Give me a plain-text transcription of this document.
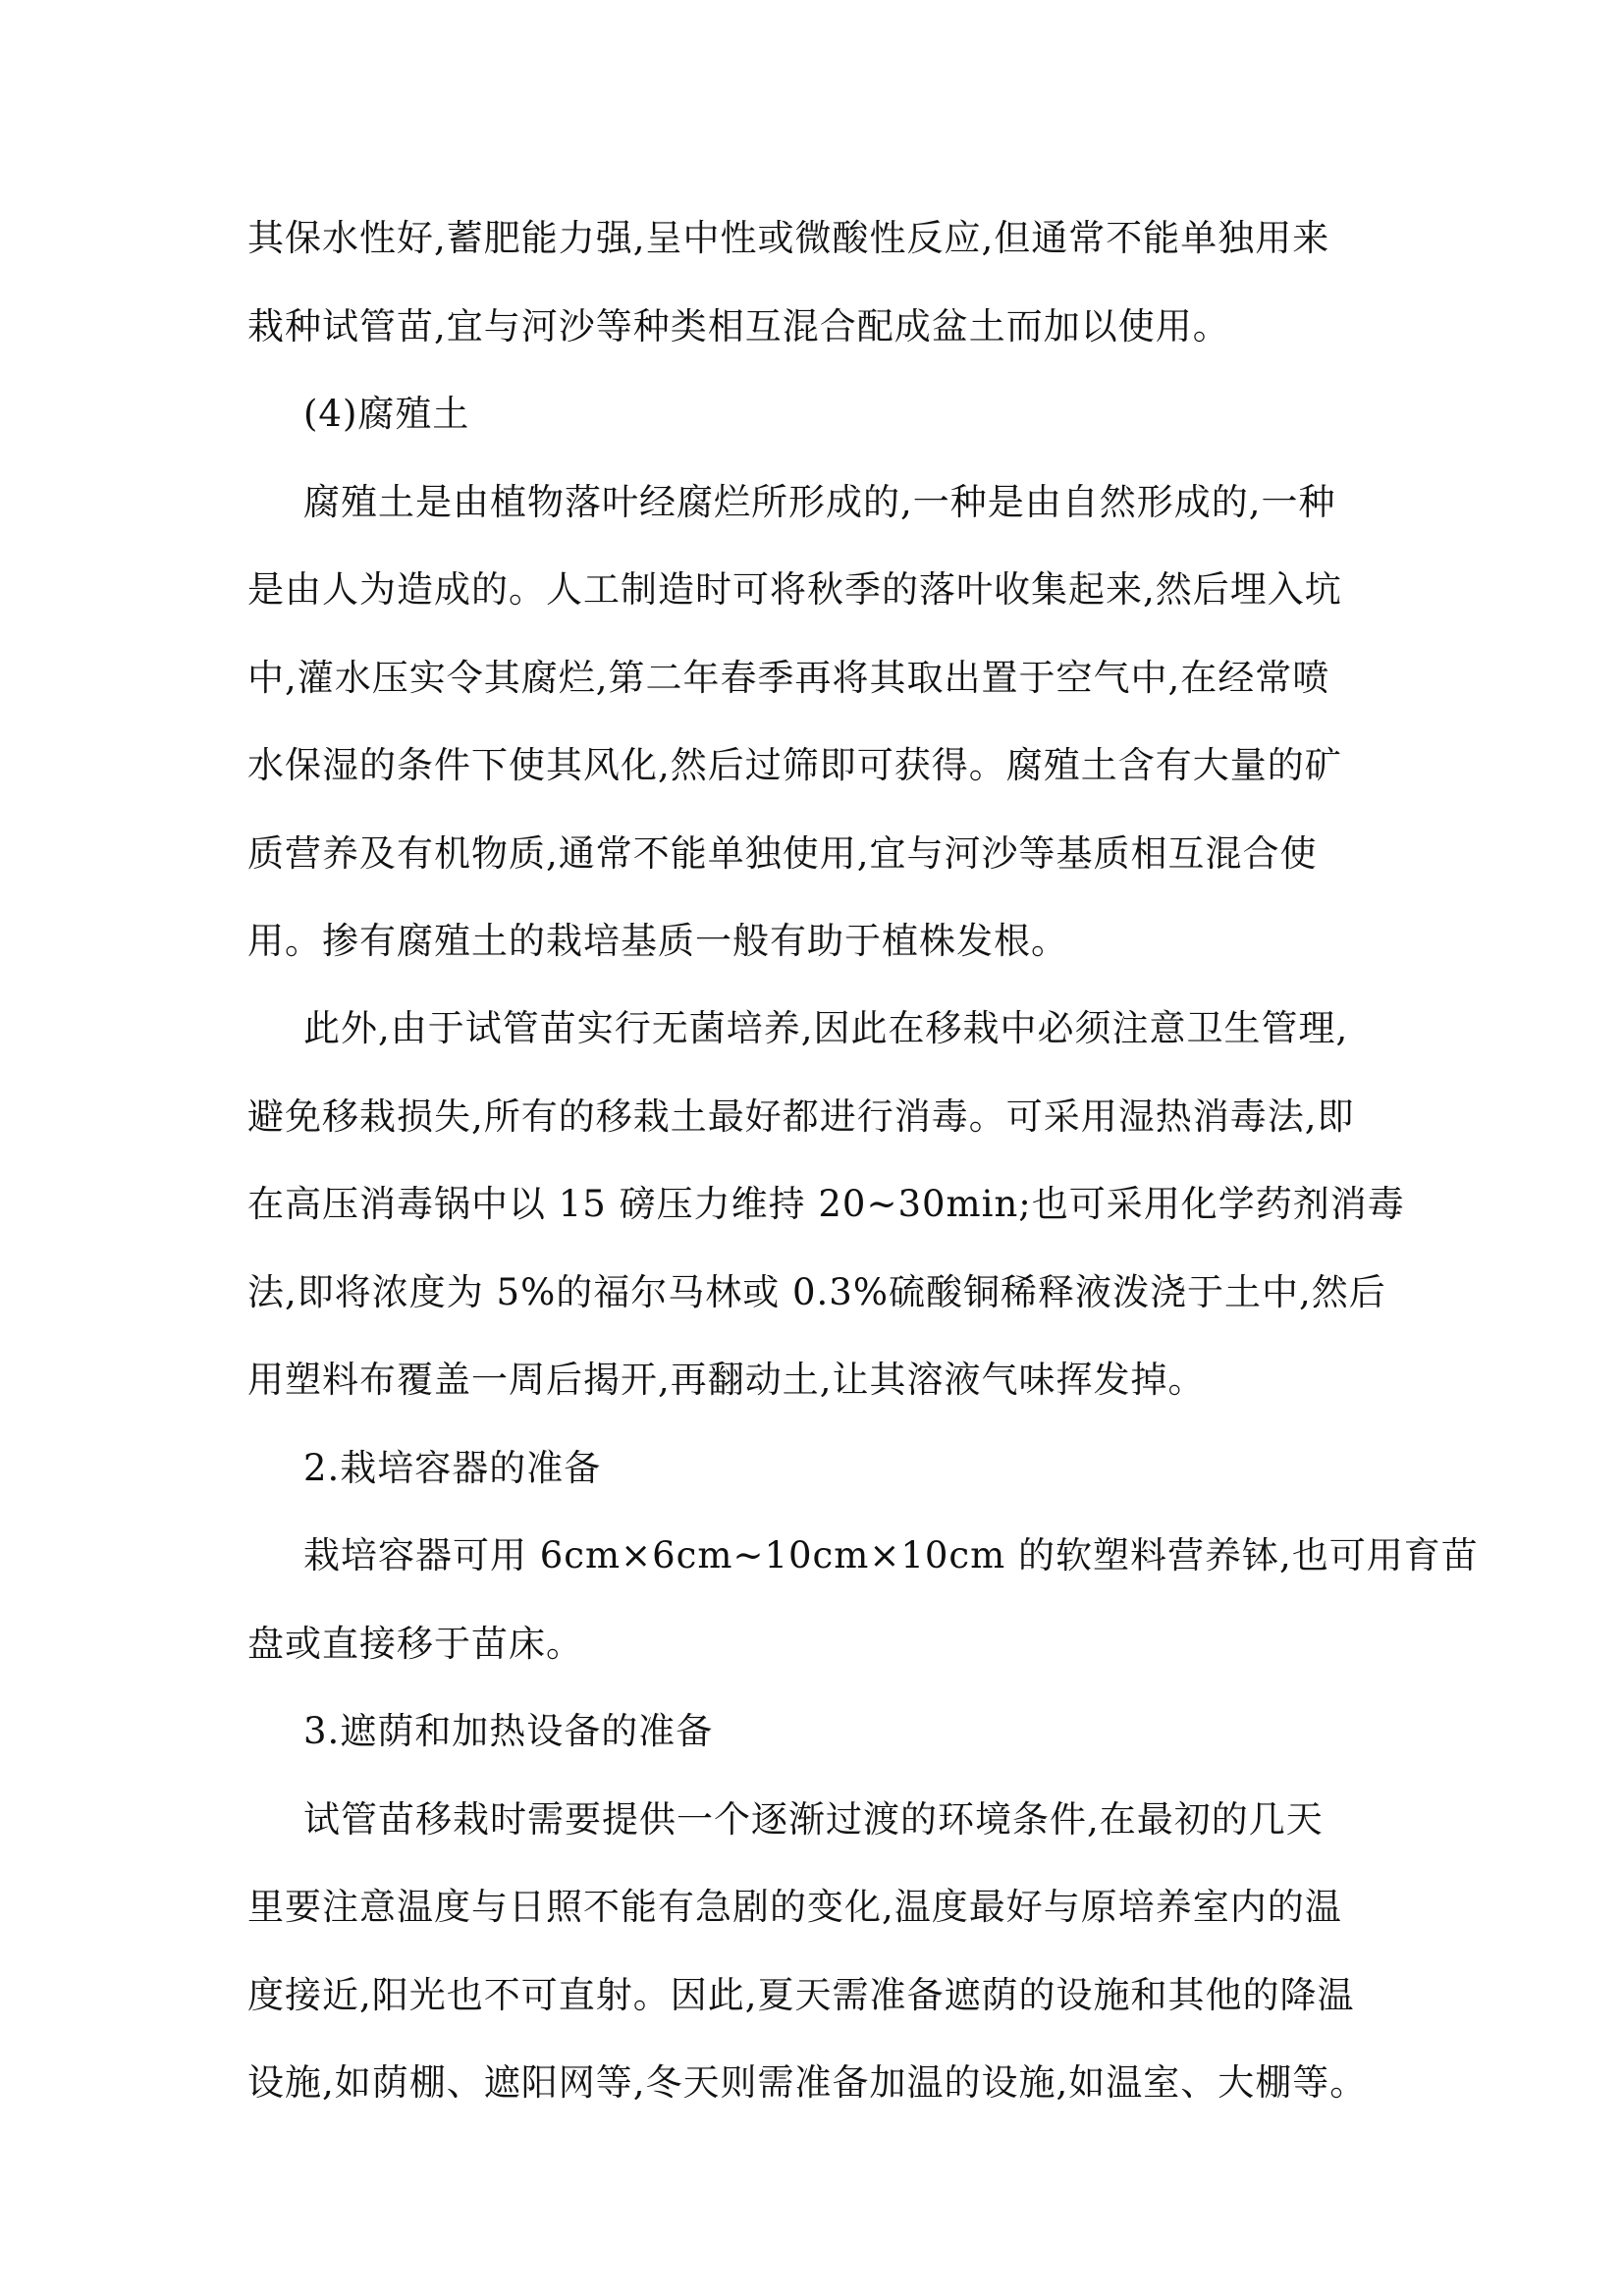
其保水性好,蓄肥能力强,呈中性或微酸性反应,但通常不能单独用来
栽种试管苗,宜与河沙等种类相互混合配成盆土而加以使用。
(4)腐殖土
腐殖土是由植物落叶经腐烂所形成的,一种是由自然形成的,一种
是由人为造成的。人工制造时可将秋季的落叶收集起来,然后埋入坑
中,灌水压实令其腐烂,第二年春季再将其取出置于空气中,在经常喷
水保湿的条件下使其风化,然后过筛即可获得。腐殖土含有大量的矿
质营养及有机物质,通常不能单独使用,宜与河沙等基质相互混合使
用。掺有腐殖土的栽培基质一般有助于植株发根。
此外,由于试管苗实行无菌培养,因此在移栽中必须注意卫生管理,
避免移栽损失,所有的移栽土最好都进行消毒。可采用湿热消毒法,即
在高压消毒锅中以 15 磅压力维持 20~30min;也可采用化学药剂消毒
法,即将浓度为 5%的福尔马林或 0.3%硫酸铜稀释液泼浇于土中,然后
用塑料布覆盖一周后揭开,再翻动土,让其溶液气味挥发掉。
2.栽培容器的准备
栽培容器可用 6cm×6cm~10cm×10cm 的软塑料营养钵,也可用育苗
盘或直接移于苗床。
3.遮荫和加热设备的准备
试管苗移栽时需要提供一个逐渐过渡的环境条件,在最初的几天
里要注意温度与日照不能有急剧的变化,温度最好与原培养室内的温
度接近,阳光也不可直射。因此,夏天需准备遮荫的设施和其他的降温
设施,如荫棚、遮阳网等,冬天则需准备加温的设施,如温室、大棚等。
